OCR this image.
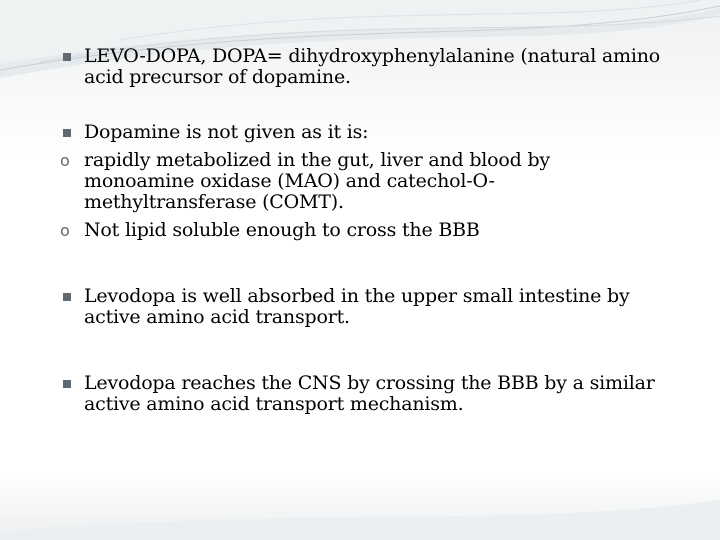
LEVO-DOPA, DOPA= dihydroxyphenylalanine (natural amino acid precursor of dopamine.
Dopamine is not given as it is:
o rapidly metabolized in the gut, liver and blood by monoamine oxidase (MAO) and catechol-O-methyltransferase (COMT).
o Not lipid soluble enough to cross the BBB
Levodopa is well absorbed in the upper small intestine by active amino acid transport.
Levodopa reaches the CNS by crossing the BBB by a similar active amino acid transport mechanism.
